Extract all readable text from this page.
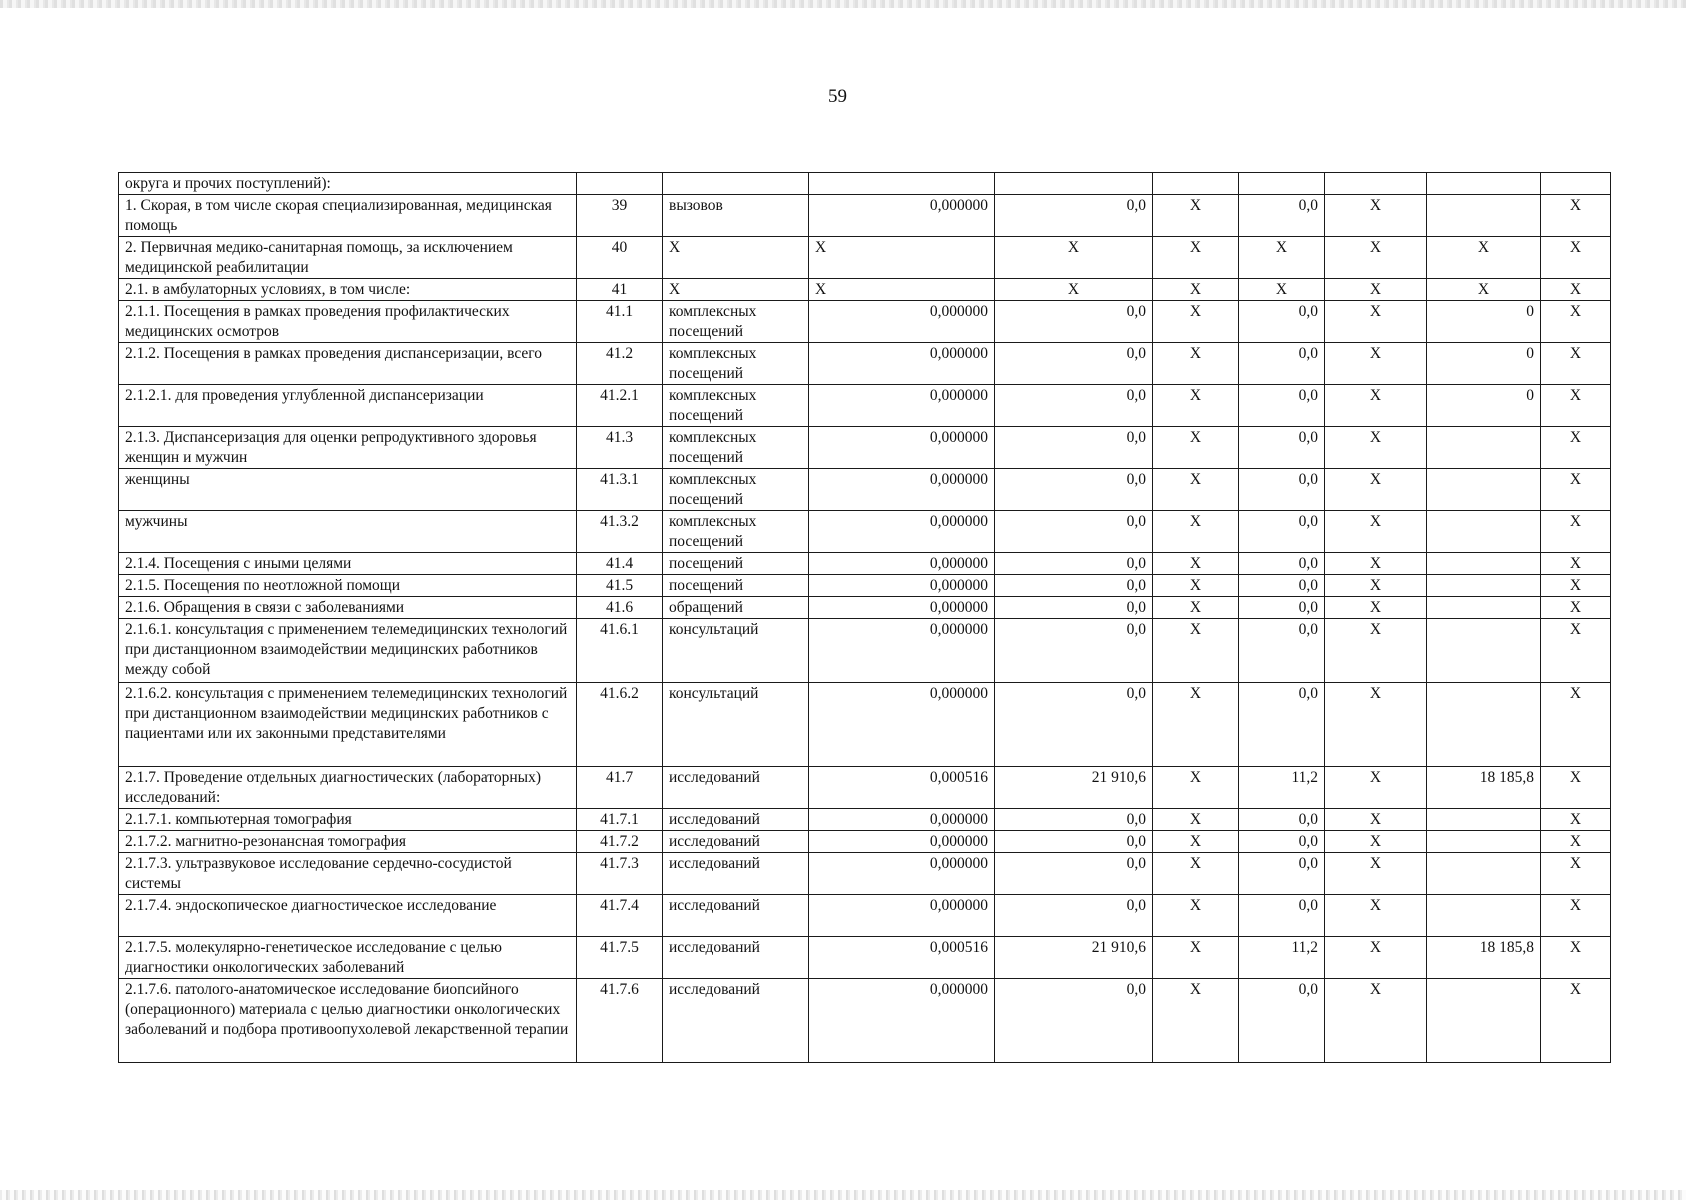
59
округа и прочих поступлений):									
1. Скорая, в том числе скорая специализированная, медицинская помощь	39	вызовов	0,000000	0,0	X	0,0	X		X
2. Первичная медико-санитарная помощь, за исключением медицинской реабилитации	40	X	X	X	X	X	X	X	X
2.1. в амбулаторных условиях, в том числе:	41	X	X	X	X	X	X	X	X
2.1.1. Посещения в рамках проведения профилактических медицинских осмотров	41.1	комплексных посещений	0,000000	0,0	X	0,0	X	0	X
2.1.2. Посещения в рамках проведения диспансеризации, всего	41.2	комплексных посещений	0,000000	0,0	X	0,0	X	0	X
2.1.2.1. для проведения углубленной диспансеризации	41.2.1	комплексных посещений	0,000000	0,0	X	0,0	X	0	X
2.1.3. Диспансеризация для оценки репродуктивного здоровья женщин и мужчин	41.3	комплексных посещений	0,000000	0,0	X	0,0	X		X
женщины	41.3.1	комплексных посещений	0,000000	0,0	X	0,0	X		X
мужчины	41.3.2	комплексных посещений	0,000000	0,0	X	0,0	X		X
2.1.4. Посещения с иными целями	41.4	посещений	0,000000	0,0	X	0,0	X		X
2.1.5. Посещения по неотложной помощи	41.5	посещений	0,000000	0,0	X	0,0	X		X
2.1.6. Обращения в связи с заболеваниями	41.6	обращений	0,000000	0,0	X	0,0	X		X
2.1.6.1. консультация с применением телемедицинских технологий при дистанционном взаимодействии медицинских работников между собой	41.6.1	консультаций	0,000000	0,0	X	0,0	X		X
2.1.6.2. консультация с применением телемедицинских технологий при дистанционном взаимодействии медицинских работников с пациентами или их законными представителями	41.6.2	консультаций	0,000000	0,0	X	0,0	X		X
2.1.7. Проведение отдельных диагностических (лабораторных) исследований:	41.7	исследований	0,000516	21 910,6	X	11,2	X	18 185,8	X
2.1.7.1. компьютерная томография	41.7.1	исследований	0,000000	0,0	X	0,0	X		X
2.1.7.2. магнитно-резонансная томография	41.7.2	исследований	0,000000	0,0	X	0,0	X		X
2.1.7.3. ультразвуковое исследование сердечно-сосудистой системы	41.7.3	исследований	0,000000	0,0	X	0,0	X		X
2.1.7.4. эндоскопическое диагностическое исследование	41.7.4	исследований	0,000000	0,0	X	0,0	X		X
2.1.7.5. молекулярно-генетическое исследование с целью диагностики онкологических заболеваний	41.7.5	исследований	0,000516	21 910,6	X	11,2	X	18 185,8	X
2.1.7.6. патолого-анатомическое исследование биопсийного (операционного) материала с целью диагностики онкологических заболеваний и подбора противоопухолевой лекарственной терапии	41.7.6	исследований	0,000000	0,0	X	0,0	X		X
